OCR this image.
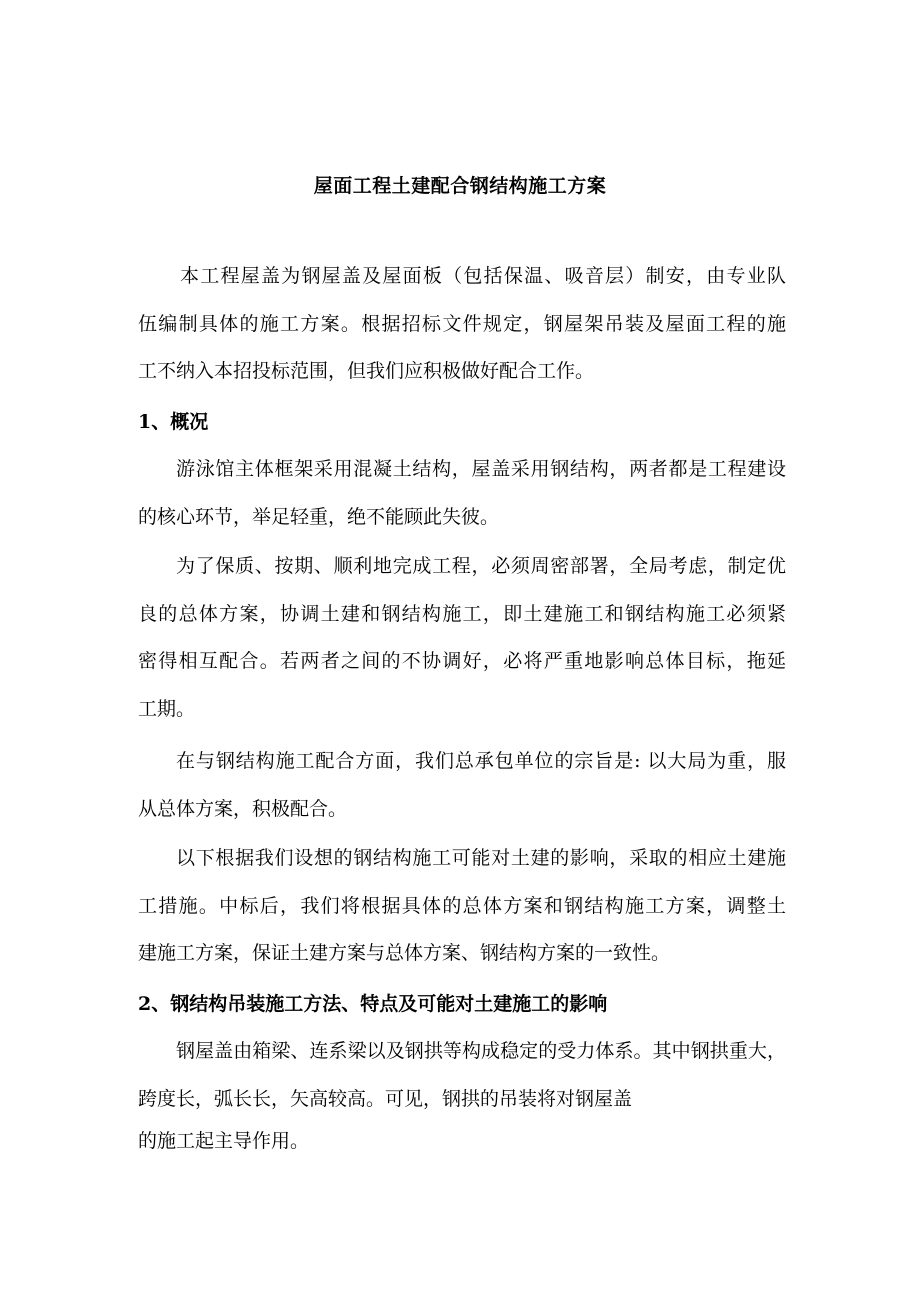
屋面工程土建配合钢结构施工方案
本工程屋盖为钢屋盖及屋面板（包括保温、吸音层）制安，由专业队
伍编制具体的施工方案。根据招标文件规定，钢屋架吊装及屋面工程的施
工不纳入本招投标范围，但我们应积极做好配合工作。
1、概况
游泳馆主体框架采用混凝土结构，屋盖采用钢结构，两者都是工程建设
的核心环节，举足轻重，绝不能顾此失彼。
为了保质、按期、顺利地完成工程，必须周密部署，全局考虑，制定优
良的总体方案，协调土建和钢结构施工，即土建施工和钢结构施工必须紧
密得相互配合。若两者之间的不协调好，必将严重地影响总体目标，拖延
工期。
在与钢结构施工配合方面，我们总承包单位的宗旨是: 以大局为重，服
从总体方案，积极配合。
以下根据我们设想的钢结构施工可能对土建的影响，采取的相应土建施
工措施。中标后，我们将根据具体的总体方案和钢结构施工方案，调整土
建施工方案，保证土建方案与总体方案、钢结构方案的一致性。
2、钢结构吊装施工方法、特点及可能对土建施工的影响
钢屋盖由箱梁、连系梁以及钢拱等构成稳定的受力体系。其中钢拱重大，
跨度长，弧长长，矢高较高。可见，钢拱的吊装将对钢屋盖
的施工起主导作用。
